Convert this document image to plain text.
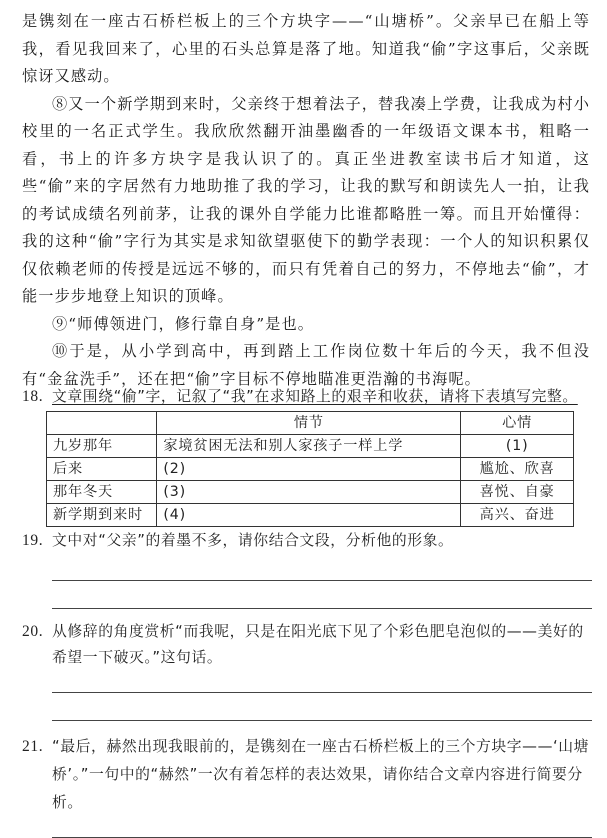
是镌刻在一座古石桥栏板上的三个方块字——“山塘桥”。父亲早已在船上等我，看见我回来了，心里的石头总算是落了地。知道我“偷”字这事后，父亲既惊讶又感动。

⑧又一个新学期到来时，父亲终于想着法子，替我凑上学费，让我成为村小校里的一名正式学生。我欣欣然翻开油墨幽香的一年级语文课本书，粗略一看，书上的许多方块字是我认识了的。真正坐进教室读书后才知道，这些“偷”来的字居然有力地助推了我的学习，让我的默写和朗读先人一拍，让我的考试成绩名列前茅，让我的课外自学能力比谁都略胜一筹。而且开始懂得：我的这种“偷”字行为其实是求知欲望驱使下的勤学表现：一个人的知识积累仅仅依赖老师的传授是远远不够的，而只有凭着自己的努力，不停地去“偷”，才能一步步地登上知识的顶峰。

⑨“师傅领进门，修行靠自身”是也。

⑩于是，从小学到高中，再到踏上工作岗位数十年后的今天，我不但没有“金盆洗手”，还在把“偷”字目标不停地瞄准更浩瀚的书海呢。

18. 文章围绕“偷”字，记叙了“我”在求知路上的艰辛和收获，请将下表填写完整。
	情节	心情
九岁那年	家境贫困无法和别人家孩子一样上学	(1)
后来	(2)	尴尬、欣喜
那年冬天	(3)	喜悦、自豪
新学期到来时	(4)	高兴、奋进
19. 文中对“父亲”的着墨不多，请你结合文段，分析他的形象。
20. 从修辞的角度赏析“而我呢，只是在阳光底下见了个彩色肥皂泡似的——美好的希望一下破灭。”这句话。
21. “最后，赫然出现我眼前的，是镌刻在一座古石桥栏板上的三个方块字——‘山塘桥’。”一句中的“赫然”一次有着怎样的表达效果，请你结合文章内容进行简要分析。
